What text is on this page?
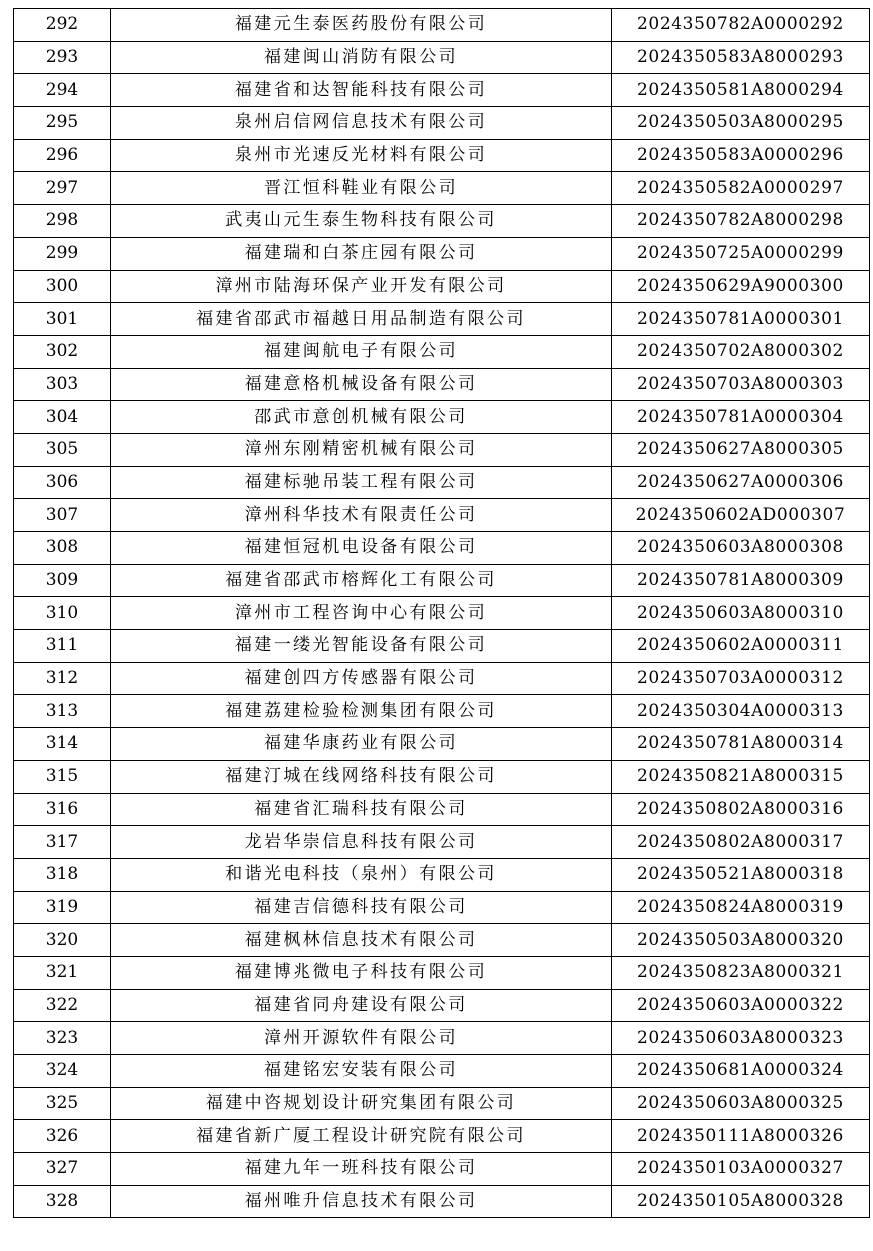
292	福建元生泰医药股份有限公司	2024350782A0000292
293	福建闽山消防有限公司	2024350583A8000293
294	福建省和达智能科技有限公司	2024350581A8000294
295	泉州启信网信息技术有限公司	2024350503A8000295
296	泉州市光速反光材料有限公司	2024350583A0000296
297	晋江恒科鞋业有限公司	2024350582A0000297
298	武夷山元生泰生物科技有限公司	2024350782A8000298
299	福建瑞和白茶庄园有限公司	2024350725A0000299
300	漳州市陆海环保产业开发有限公司	2024350629A9000300
301	福建省邵武市福越日用品制造有限公司	2024350781A0000301
302	福建闽航电子有限公司	2024350702A8000302
303	福建意格机械设备有限公司	2024350703A8000303
304	邵武市意创机械有限公司	2024350781A0000304
305	漳州东刚精密机械有限公司	2024350627A8000305
306	福建标驰吊装工程有限公司	2024350627A0000306
307	漳州科华技术有限责任公司	2024350602AD000307
308	福建恒冠机电设备有限公司	2024350603A8000308
309	福建省邵武市榕辉化工有限公司	2024350781A8000309
310	漳州市工程咨询中心有限公司	2024350603A8000310
311	福建一缕光智能设备有限公司	2024350602A0000311
312	福建创四方传感器有限公司	2024350703A0000312
313	福建荔建检验检测集团有限公司	2024350304A0000313
314	福建华康药业有限公司	2024350781A8000314
315	福建汀城在线网络科技有限公司	2024350821A8000315
316	福建省汇瑞科技有限公司	2024350802A8000316
317	龙岩华崇信息科技有限公司	2024350802A8000317
318	和谐光电科技（泉州）有限公司	2024350521A8000318
319	福建吉信德科技有限公司	2024350824A8000319
320	福建枫林信息技术有限公司	2024350503A8000320
321	福建博兆微电子科技有限公司	2024350823A8000321
322	福建省同舟建设有限公司	2024350603A0000322
323	漳州开源软件有限公司	2024350603A8000323
324	福建铭宏安装有限公司	2024350681A0000324
325	福建中咨规划设计研究集团有限公司	2024350603A8000325
326	福建省新广厦工程设计研究院有限公司	2024350111A8000326
327	福建九年一班科技有限公司	2024350103A0000327
328	福州唯升信息技术有限公司	2024350105A8000328
